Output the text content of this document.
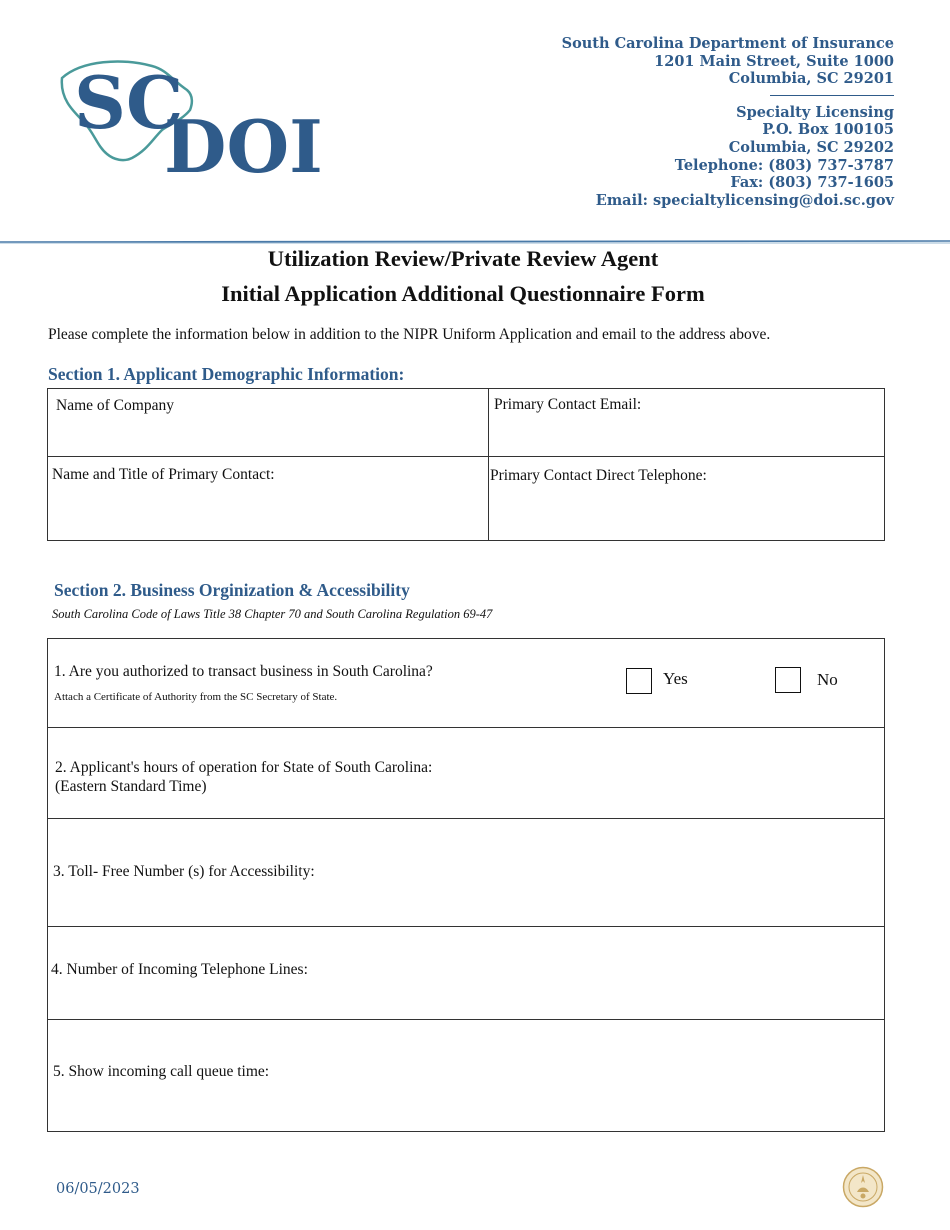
SC
DOI
South Carolina Department of Insurance
1201 Main Street, Suite 1000
Columbia, SC 29201
Specialty Licensing
P.O. Box 100105
Columbia, SC 29202
Telephone: (803) 737-3787
Fax: (803) 737-1605
Email: specialtylicensing@doi.sc.gov
Utilization Review/Private Review Agent
Initial Application Additional Questionnaire Form
Please complete the information below in addition to the NIPR Uniform Application and email to the address above.
Section 1. Applicant Demographic Information:
Name of Company	Primary Contact Email:
Name and Title of Primary Contact:	Primary Contact Direct Telephone:
Section 2. Business Orginization & Accessibility
South Carolina Code of Laws Title 38 Chapter 70 and South Carolina Regulation 69-47
1. Are you authorized to transact business in South Carolina?
Attach a Certificate of Authority from the SC Secretary of State.
Yes	No
2. Applicant's hours of operation for State of South Carolina:
(Eastern Standard Time)
3. Toll- Free Number (s) for Accessibility:
4. Number of Incoming Telephone Lines:
5. Show incoming call queue time:
06/05/2023
